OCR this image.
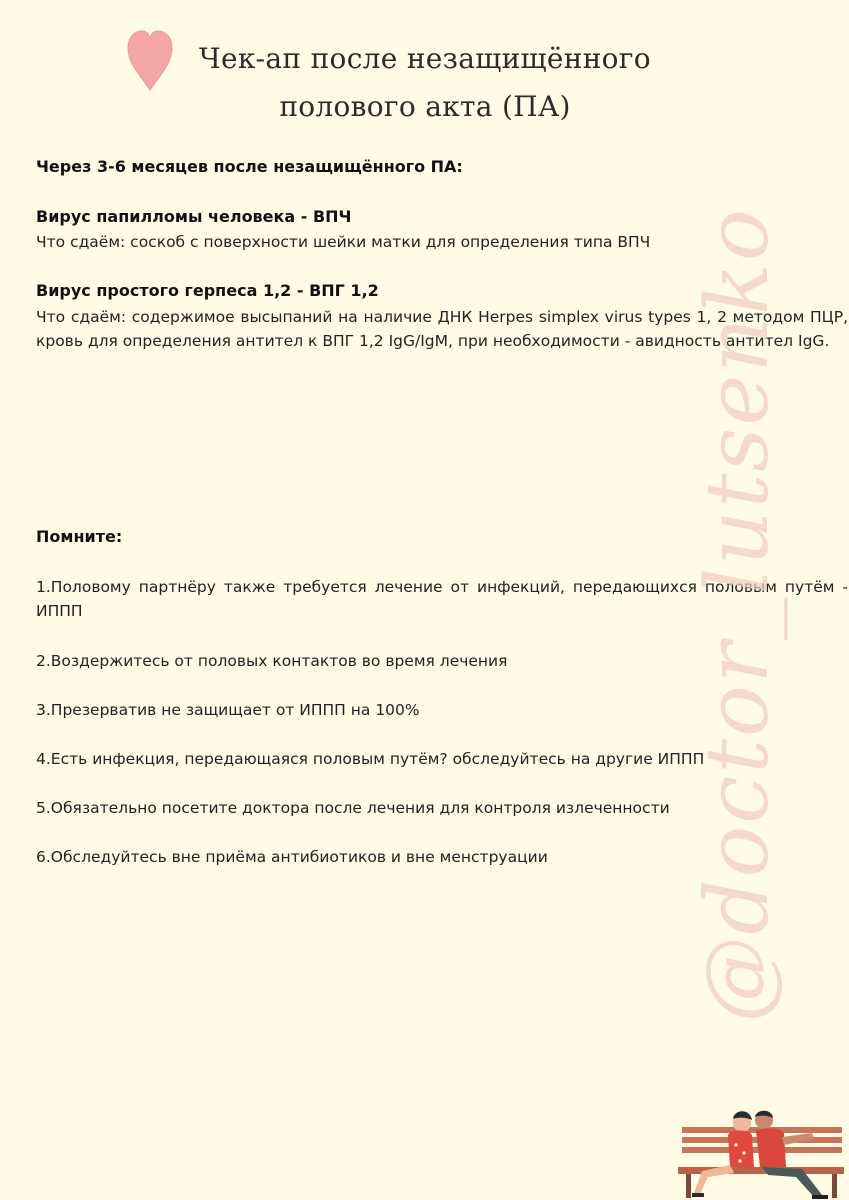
Чек-ап после незащищённого
полового акта (ПА)

Через 3-6 месяцев после незащищённого ПА:

Вирус папилломы человека - ВПЧ

Что сдаём: соскоб с поверхности шейки матки для определения типа ВПЧ

Вирус простого герпеса 1,2 - ВПГ 1,2

Что сдаём: содержимое высыпаний на наличие ДНК Herpes simplex virus types 1, 2 методом ПЦР, кровь для определения антител к ВПГ 1,2 IgG/IgM, при необходимости - авидность антител IgG.

Помните:

1.Половому партнёру также требуется лечение от инфекций, передающихся половым путём - ИППП

2.Воздержитесь от половых контактов во время лечения

3.Презерватив не защищает от ИППП на 100%

4.Есть инфекция, передающаяся половым путём? обследуйтесь на другие ИППП

5.Обязательно посетите доктора после лечения для контроля излеченности

6.Обследуйтесь вне приёма антибиотиков и вне менструации @doctor_lutsenko
